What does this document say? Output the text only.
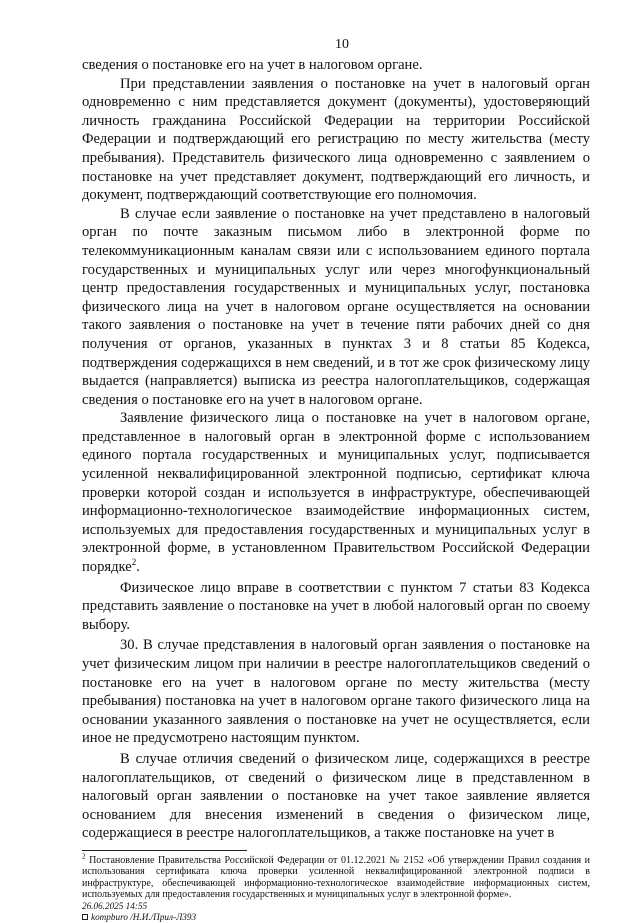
10

сведения о постановке его на учет в налоговом органе.

При представлении заявления о постановке на учет в налоговый орган одновременно с ним представляется документ (документы), удостоверяющий личность гражданина Российской Федерации на территории Российской Федерации и подтверждающий его регистрацию по месту жительства (месту пребывания). Представитель физического лица одновременно с заявлением о постановке на учет представляет документ, подтверждающий его личность, и документ, подтверждающий соответствующие его полномочия.

В случае если заявление о постановке на учет представлено в налоговый орган по почте заказным письмом либо в электронной форме по телекоммуникационным каналам связи или с использованием единого портала государственных и муниципальных услуг или через многофункциональный центр предоставления государственных и муниципальных услуг, постановка физического лица на учет в налоговом органе осуществляется на основании такого заявления о постановке на учет в течение пяти рабочих дней со дня получения от органов, указанных в пунктах 3 и 8 статьи 85 Кодекса, подтверждения содержащихся в нем сведений, и в тот же срок физическому лицу выдается (направляется) выписка из реестра налогоплательщиков, содержащая сведения о постановке его на учет в налоговом органе.

Заявление физического лица о постановке на учет в налоговом органе, представленное в налоговый орган в электронной форме с использованием единого портала государственных и муниципальных услуг, подписывается усиленной неквалифицированной электронной подписью, сертификат ключа проверки которой создан и используется в инфраструктуре, обеспечивающей информационно-технологическое взаимодействие информационных систем, используемых для предоставления государственных и муниципальных услуг в электронной форме, в установленном Правительством Российской Федерации порядке$^2$.

Физическое лицо вправе в соответствии с пунктом 7 статьи 83 Кодекса представить заявление о постановке на учет в любой налоговый орган по своему выбору.

30. В случае представления в налоговый орган заявления о постановке на учет физическим лицом при наличии в реестре налогоплательщиков сведений о постановке его на учет в налоговом органе по месту жительства (месту пребывания) постановка на учет в налоговом органе такого физического лица на основании указанного заявления о постановке на учет не осуществляется, если иное не предусмотрено настоящим пунктом.

В случае отличия сведений о физическом лице, содержащихся в реестре налогоплательщиков, от сведений о физическом лице в представленном в налоговый орган заявлении о постановке на учет такое заявление является основанием для внесения изменений в сведения о физическом лице, содержащиеся в реестре налогоплательщиков, а также постановке на учет в

$^2$ Постановление Правительства Российской Федерации от 01.12.2021 № 2152 «Об утверждении Правил создания и использования сертификата ключа проверки усиленной неквалифицированной электронной подписи в инфраструктуре, обеспечивающей информационно-технологическое взаимодействие информационных систем, используемых для предоставления государственных и муниципальных услуг в электронной форме».

26.06.2025 14:55

kompburo /Н.И./Прил-Л393
